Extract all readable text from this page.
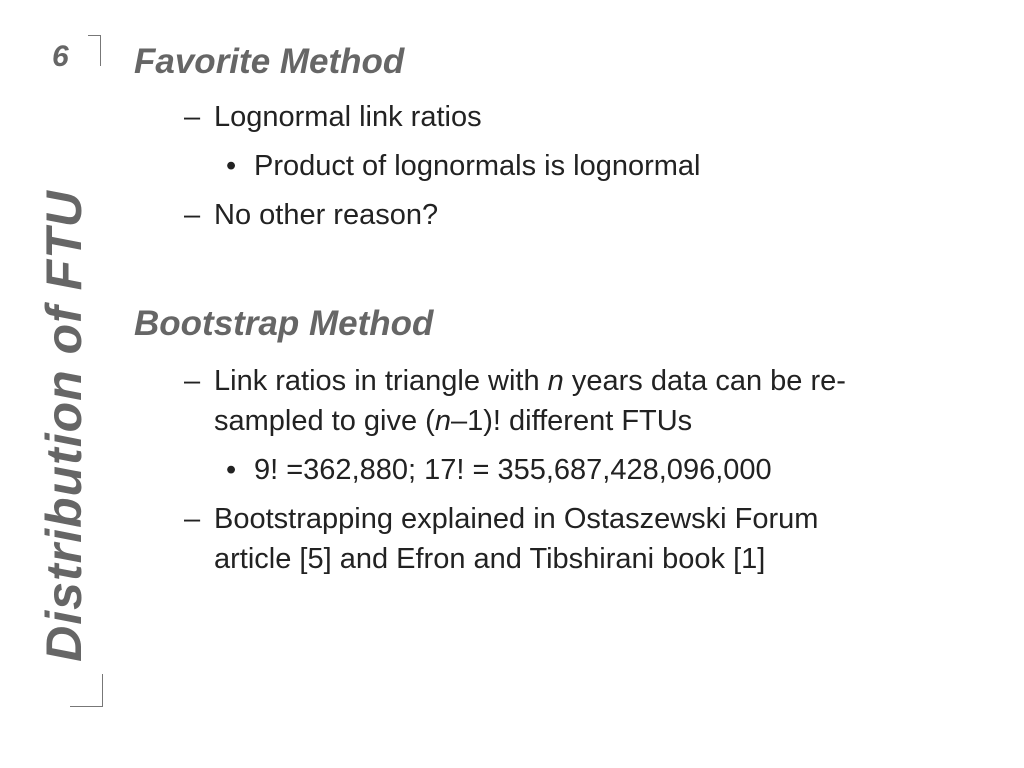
6
Distribution of FTU
Favorite Method
– Lognormal link ratios
• Product of lognormals is lognormal
– No other reason?
Bootstrap Method
– Link ratios in triangle with n years data can be re-
sampled to give (n–1)! different FTUs
• 9! =362,880; 17! = 355,687,428,096,000
– Bootstrapping explained in Ostaszewski Forum
article [5] and Efron and Tibshirani book [1]
